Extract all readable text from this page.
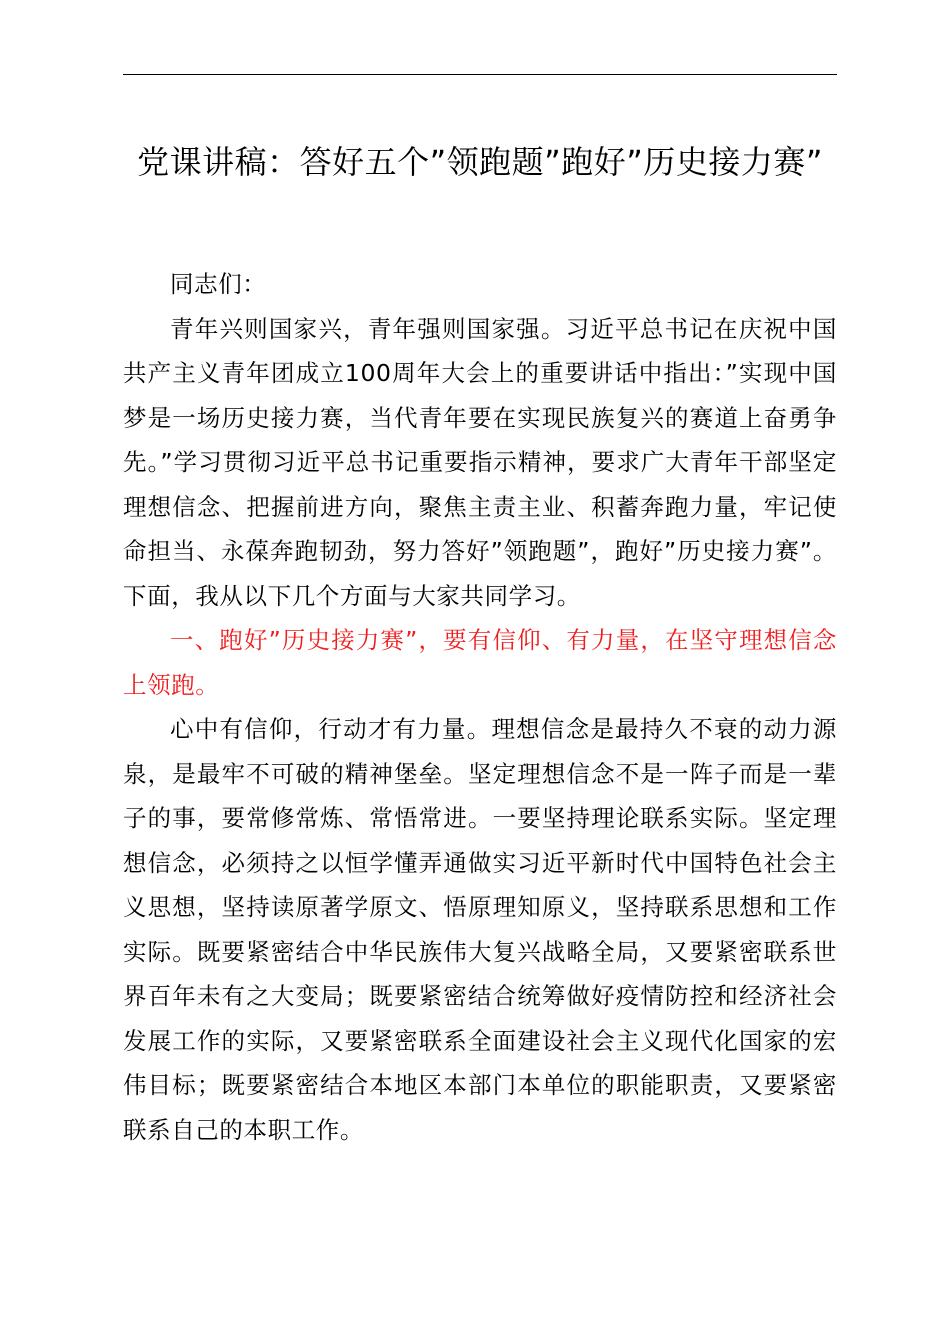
党课讲稿：答好五个”领跑题”跑好”历史接力赛”

同志们：

青年兴则国家兴，青年强则国家强。习近平总书记在庆祝中国共产主义青年团成立100周年大会上的重要讲话中指出：”实现中国梦是一场历史接力赛，当代青年要在实现民族复兴的赛道上奋勇争先。”学习贯彻习近平总书记重要指示精神，要求广大青年干部坚定理想信念、把握前进方向，聚焦主责主业、积蓄奔跑力量，牢记使命担当、永葆奔跑韧劲，努力答好”领跑题”，跑好”历史接力赛”。下面，我从以下几个方面与大家共同学习。

一、跑好”历史接力赛”，要有信仰、有力量，在坚守理想信念上领跑。

心中有信仰，行动才有力量。理想信念是最持久不衰的动力源泉，是最牢不可破的精神堡垒。坚定理想信念不是一阵子而是一辈子的事，要常修常炼、常悟常进。一要坚持理论联系实际。坚定理想信念，必须持之以恒学懂弄通做实习近平新时代中国特色社会主义思想，坚持读原著学原文、悟原理知原义，坚持联系思想和工作实际。既要紧密结合中华民族伟大复兴战略全局，又要紧密联系世界百年未有之大变局；既要紧密结合统筹做好疫情防控和经济社会发展工作的实际，又要紧密联系全面建设社会主义现代化国家的宏伟目标；既要紧密结合本地区本部门本单位的职能职责，又要紧密联系自己的本职工作。
